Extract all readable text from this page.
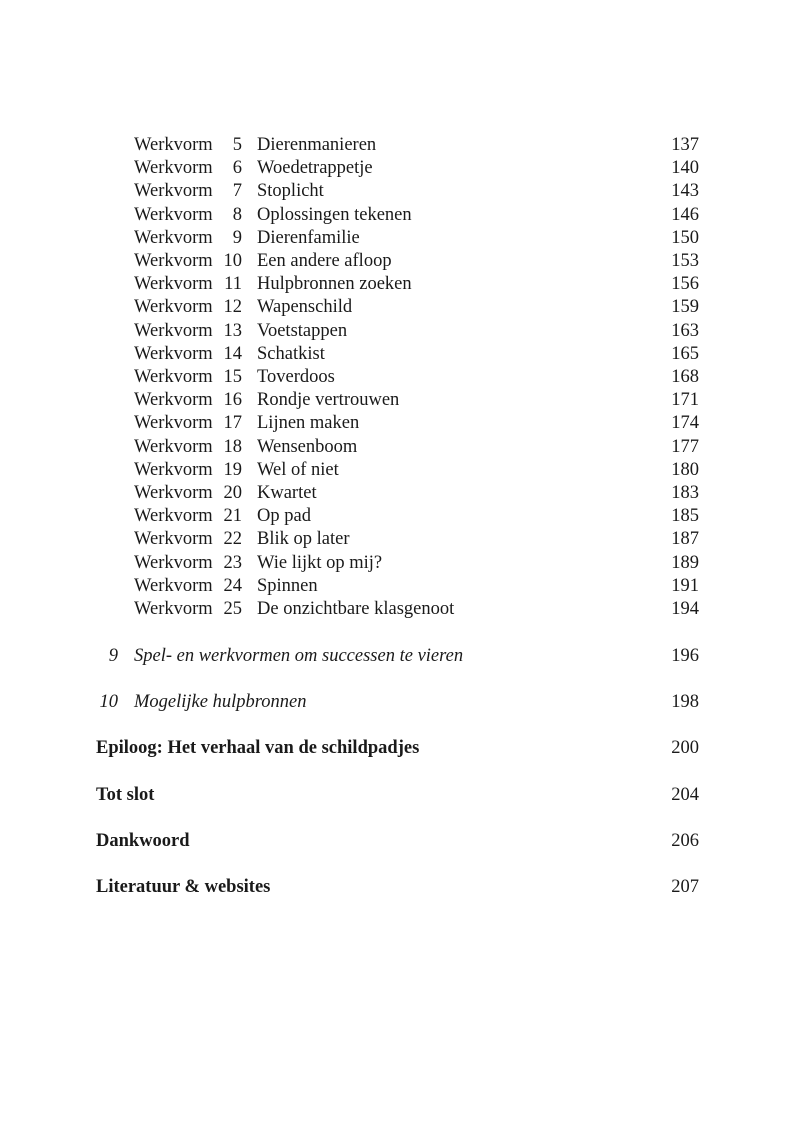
Werkvorm	5 Dierenmanieren	137
Werkvorm	6 Woedetrappetje	140
Werkvorm	7 Stoplicht	143
Werkvorm	8 Oplossingen tekenen	146
Werkvorm	9 Dierenfamilie	150
Werkvorm 10 Een andere afloop	153
Werkvorm 11 Hulpbronnen zoeken	156
Werkvorm 12 Wapenschild	159
Werkvorm 13 Voetstappen	163
Werkvorm 14 Schatkist	165
Werkvorm 15 Toverdoos	168
Werkvorm 16 Rondje vertrouwen	171
Werkvorm 17 Lijnen maken	174
Werkvorm 18 Wensenboom	177
Werkvorm 19 Wel of niet	180
Werkvorm 20 Kwartet	183
Werkvorm 21 Op pad	185
Werkvorm 22 Blik op later	187
Werkvorm 23 Wie lijkt op mij?	189
Werkvorm 24 Spinnen	191
Werkvorm 25 De onzichtbare klasgenoot	194
9 Spel- en werkvormen om successen te vieren	196
10 Mogelijke hulpbronnen	198
Epiloog: Het verhaal van de schildpadjes	200
Tot slot	204
Dankwoord	206
Literatuur & websites	207
